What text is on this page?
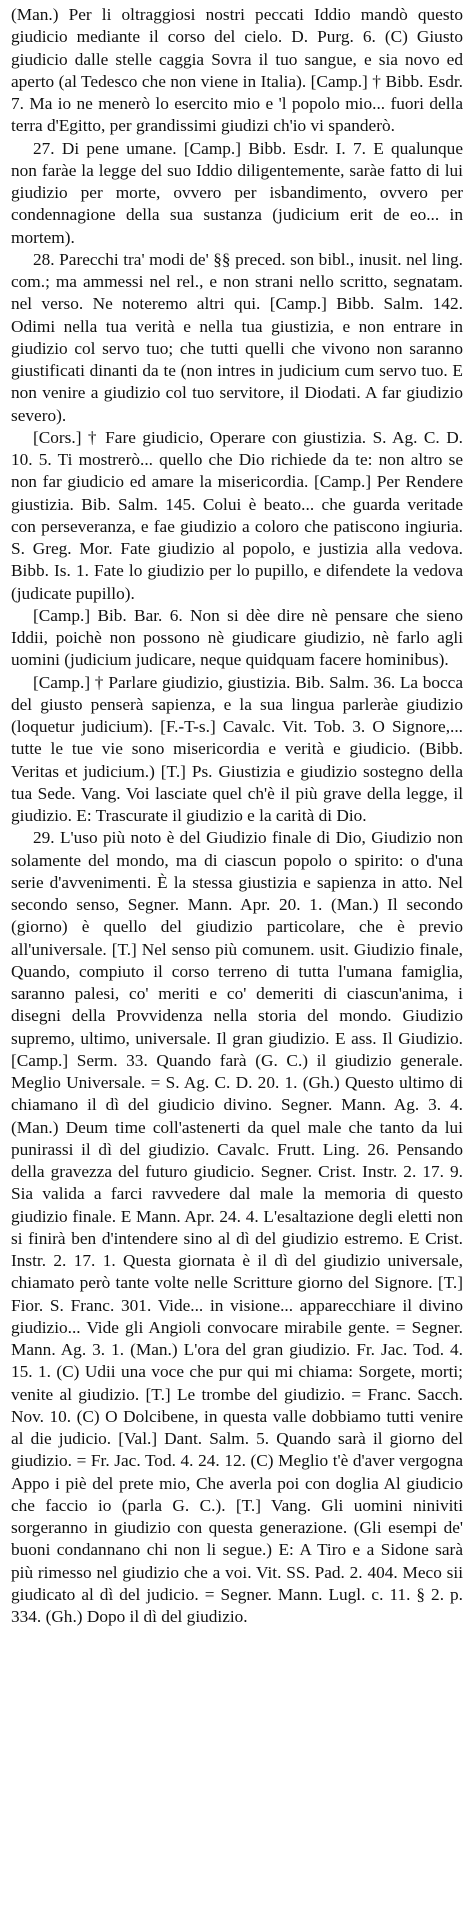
(Man.) Per li oltraggiosi nostri peccati Iddio mandò questo giudicio mediante il corso del cielo. D. Purg. 6. (C) Giusto giudicio dalle stelle caggia Sovra il tuo sangue, e sia novo ed aperto (al Tedesco che non viene in Italia). [Camp.] † Bibb. Esdr. 7. Ma io ne menerò lo esercito mio e 'l popolo mio... fuori della terra d'Egitto, per grandissimi giudizi ch'io vi spanderò.

27. Di pene umane. [Camp.] Bibb. Esdr. I. 7. E qualunque non faràe la legge del suo Iddio diligentemente, saràe fatto di lui giudizio per morte, ovvero per isbandimento, ovvero per condennagione della sua sustanza (judicium erit de eo... in mortem).

28. Parecchi tra' modi de' §§ preced. son bibl., inusit. nel ling. com.; ma ammessi nel rel., e non strani nello scritto, segnatam. nel verso. Ne noteremo altri qui. [Camp.] Bibb. Salm. 142. Odimi nella tua verità e nella tua giustizia, e non entrare in giudizio col servo tuo; che tutti quelli che vivono non saranno giustificati dinanti da te (non intres in judicium cum servo tuo. E non venire a giudizio col tuo servitore, il Diodati. A far giudizio severo).

[Cors.] † Fare giudicio, Operare con giustizia. S. Ag. C. D. 10. 5. Ti mostrerò... quello che Dio richiede da te: non altro se non far giudicio ed amare la misericordia. [Camp.] Per Rendere giustizia. Bib. Salm. 145. Colui è beato... che guarda veritade con perseveranza, e fae giudizio a coloro che patiscono ingiuria. S. Greg. Mor. Fate giudizio al popolo, e justizia alla vedova. Bibb. Is. 1. Fate lo giudizio per lo pupillo, e difendete la vedova (judicate pupillo).

[Camp.] Bib. Bar. 6. Non si dèe dire nè pensare che sieno Iddii, poichè non possono nè giudicare giudizio, nè farlo agli uomini (judicium judicare, neque quidquam facere hominibus).

[Camp.] † Parlare giudizio, giustizia. Bib. Salm. 36. La bocca del giusto penserà sapienza, e la sua lingua parleràe giudizio (loquetur judicium). [F.-T-s.] Cavalc. Vit. Tob. 3. O Signore,... tutte le tue vie sono misericordia e verità e giudicio. (Bibb. Veritas et judicium.) [T.] Ps. Giustizia e giudizio sostegno della tua Sede. Vang. Voi lasciate quel ch'è il più grave della legge, il giudizio. E: Trascurate il giudizio e la carità di Dio.

29. L'uso più noto è del Giudizio finale di Dio, Giudizio non solamente del mondo, ma di ciascun popolo o spirito: o d'una serie d'avvenimenti. È la stessa giustizia e sapienza in atto. Nel secondo senso, Segner. Mann. Apr. 20. 1. (Man.) Il secondo (giorno) è quello del giudizio particolare, che è previo all'universale. [T.] Nel senso più comunem. usit. Giudizio finale, Quando, compiuto il corso terreno di tutta l'umana famiglia, saranno palesi, co' meriti e co' demeriti di ciascun'anima, i disegni della Provvidenza nella storia del mondo. Giudizio supremo, ultimo, universale. Il gran giudizio. E ass. Il Giudizio. [Camp.] Serm. 33. Quando farà (G. C.) il giudizio generale. Meglio Universale. = S. Ag. C. D. 20. 1. (Gh.) Questo ultimo di chiamano il dì del giudicio divino. Segner. Mann. Ag. 3. 4. (Man.) Deum time coll'astenerti da quel male che tanto da lui punirassi il dì del giudizio. Cavalc. Frutt. Ling. 26. Pensando della gravezza del futuro giudicio. Segner. Crist. Instr. 2. 17. 9. Sia valida a farci ravvedere dal male la memoria di questo giudizio finale. E Mann. Apr. 24. 4. L'esaltazione degli eletti non si finirà ben d'intendere sino al dì del giudizio estremo. E Crist. Instr. 2. 17. 1. Questa giornata è il dì del giudizio universale, chiamato però tante volte nelle Scritture giorno del Signore. [T.] Fior. S. Franc. 301. Vide... in visione... apparecchiare il divino giudizio... Vide gli Angioli convocare mirabile gente. = Segner. Mann. Ag. 3. 1. (Man.) L'ora del gran giudizio. Fr. Jac. Tod. 4. 15. 1. (C) Udii una voce che pur qui mi chiama: Sorgete, morti; venite al giudizio. [T.] Le trombe del giudizio. = Franc. Sacch. Nov. 10. (C) O Dolcibene, in questa valle dobbiamo tutti venire al die judicio. [Val.] Dant. Salm. 5. Quando sarà il giorno del giudizio. = Fr. Jac. Tod. 4. 24. 12. (C) Meglio t'è d'aver vergogna Appo i piè del prete mio, Che averla poi con doglia Al giudicio che faccio io (parla G. C.). [T.] Vang. Gli uomini niniviti sorgeranno in giudizio con questa generazione. (Gli esempi de' buoni condannano chi non li segue.) E: A Tiro e a Sidone sarà più rimesso nel giudizio che a voi. Vit. SS. Pad. 2. 404. Meco sii giudicato al dì del judicio. = Segner. Mann. Lugl. c. 11. § 2. p. 334. (Gh.) Dopo il dì del giudizio.
